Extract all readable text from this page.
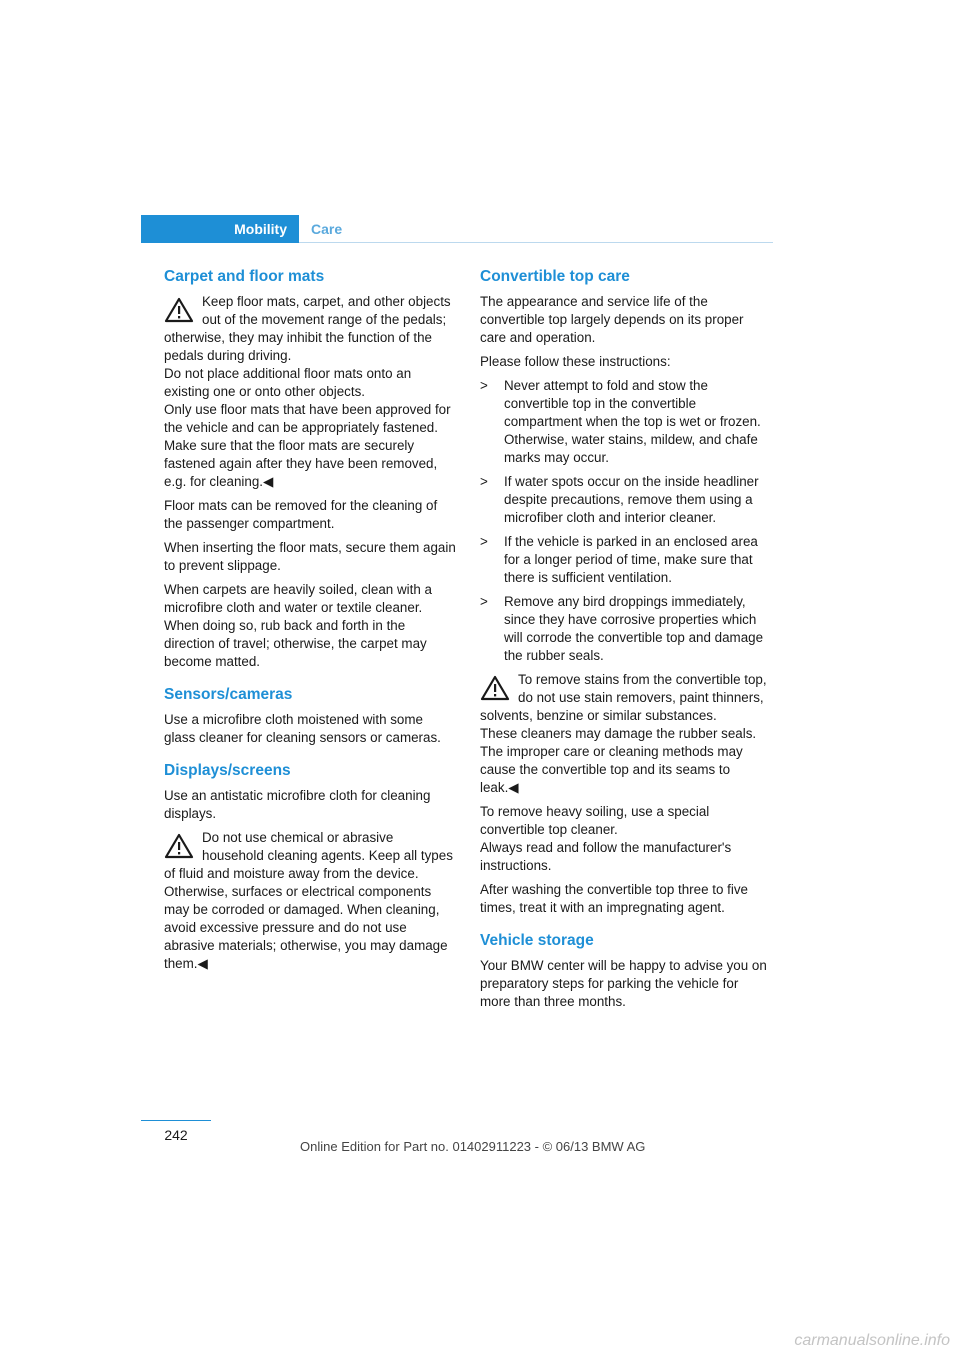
Mobility	Care
Carpet and floor mats
Keep floor mats, carpet, and other objects out of the movement range of the pedals; otherwise, they may inhibit the function of the pedals during driving.
Do not place additional floor mats onto an existing one or onto other objects.
Only use floor mats that have been approved for the vehicle and can be appropriately fastened.
Make sure that the floor mats are securely fastened again after they have been removed, e.g. for cleaning.◀

Floor mats can be removed for the cleaning of the passenger compartment.

When inserting the floor mats, secure them again to prevent slippage.

When carpets are heavily soiled, clean with a microfibre cloth and water or textile cleaner. When doing so, rub back and forth in the direction of travel; otherwise, the carpet may become matted.

Sensors/cameras

Use a microfibre cloth moistened with some glass cleaner for cleaning sensors or cameras.

Displays/screens

Use an antistatic microfibre cloth for cleaning displays.

Do not use chemical or abrasive household cleaning agents. Keep all types of fluid and moisture away from the device. Otherwise, surfaces or electrical components may be corroded or damaged. When cleaning, avoid excessive pressure and do not use abrasive materials; otherwise, you may damage them.◀
Convertible top care

The appearance and service life of the convertible top largely depends on its proper care and operation.

Please follow these instructions:

>	Never attempt to fold and stow the convertible top in the convertible compartment when the top is wet or frozen. Otherwise, water stains, mildew, and chafe marks may occur.
>	If water spots occur on the inside headliner despite precautions, remove them using a microfiber cloth and interior cleaner.
>	If the vehicle is parked in an enclosed area for a longer period of time, make sure that there is sufficient ventilation.
>	Remove any bird droppings immediately, since they have corrosive properties which will corrode the convertible top and damage the rubber seals.
To remove stains from the convertible top, do not use stain removers, paint thinners, solvents, benzine or similar substances.
These cleaners may damage the rubber seals.
The improper care or cleaning methods may cause the convertible top and its seams to leak.◀

To remove heavy soiling, use a special convertible top cleaner.
Always read and follow the manufacturer's instructions.

After washing the convertible top three to five times, treat it with an impregnating agent.

Vehicle storage

Your BMW center will be happy to advise you on preparatory steps for parking the vehicle for more than three months.

242
Online Edition for Part no. 01402911223 - © 06/13 BMW AG
carmanualsonline.info
